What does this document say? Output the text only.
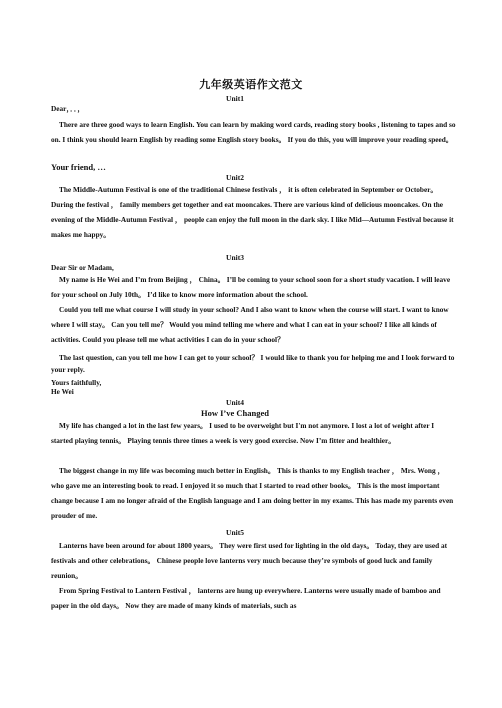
九年级英语作文范文
Unit1

Dear，．．，

There are three good ways to learn English. You can learn by making word cards, reading story books , listening to tapes and so on. I think you should learn English by reading some English story books。 If you do this, you will improve your reading speed。

Your friend, …

Unit2

The Middle-Autumn Festival is one of the traditional Chinese festivals ， it is often celebrated in September or October。 During the festival ， family members get together and eat mooncakes. There are various kind of delicious mooncakes. On the evening of the Middle-Autumn Festival ， people can enjoy the full moon in the dark sky. I like Mid—Autumn Festival because it makes me happy。

Unit3

Dear Sir or Madam,

My name is He Wei and I’m from Beijing ， China。 I’ll be coming to your school soon for a short study vacation. I will leave for your school on July 10th。 I’d like to know more information about the school.

Could you tell me what course I will study in your school? And I also want to know when the course will start. I want to know where I will stay。 Can you tell me？ Would you mind telling me where and what I can eat in your school? I like all kinds of activities. Could you please tell me what activities I can do in your school？

The last question, can you tell me how I can get to your school？ I would like to thank you for helping me and I look forward to your reply.

Yours faithfully,

He Wei

Unit4
How I’ve Changed

My life has changed a lot in the last few years。 I used to be overweight but I'm not anymore. I lost a lot of weight after I started playing tennis。 Playing tennis three times a week is very good exercise. Now I’m fitter and healthier。

The biggest change in my life was becoming much better in English。 This is thanks to my English teacher ， Mrs. Wong ， who gave me an interesting book to read. I enjoyed it so much that I started to read other books。 This is the most important change because I am no longer afraid of the English language and I am doing better in my exams. This has made my parents even prouder of me.

Unit5

Lanterns have been around for about 1800 years。 They were first used for lighting in the old days。 Today, they are used at festivals and other celebrations。 Chinese people love lanterns very much because they’re symbols of good luck and family reunion。

From Spring Festival to Lantern Festival ， lanterns are hung up everywhere. Lanterns were usually made of bamboo and paper in the old days。 Now they are made of many kinds of materials, such as
